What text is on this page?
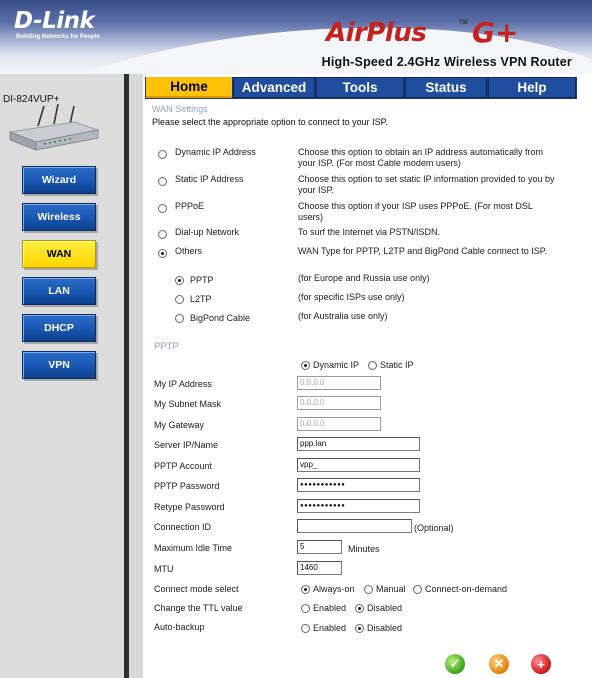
D-Link
Building Networks for People	AirPlus	TM G+
High-Speed 2.4GHz Wireless VPN Router
DI-824VUP+
Wizard
Wireless
WAN
LAN
DHCP
VPN
Home	Advanced	Tools	Status	Help
WAN Settings
Please select the appropriate option to connect to your ISP.
Dynamic IP Address	Choose this option to obtain an IP address automatically from your ISP. (For most Cable modem users)
Static IP Address	Choose this option to set static IP information provided to you by your ISP.
PPPoE	Choose this option if your ISP uses PPPoE. (For most DSL users)
Dial-up Network	To surf the Internet via PSTN/ISDN.
Others	WAN Type for PPTP, L2TP and BigPond Cable connect to ISP.
PPTP	(for Europe and Russia use only)
L2TP	(for specific ISPs use only)
BigPond Cable	(for Australia use only)
PPTP
Dynamic IP Static IP
My IP Address	0.0.0.0
My Subnet Mask	0.0.0.0
My Gateway	0.0.0.0
Server IP/Name	ppp.lan
PPTP Account	vpp_
PPTP Password	●●●●●●●●●●●
Retype Password	●●●●●●●●●●●
Connection ID	(Optional)
Maximum Idle Time	5	Minutes
MTU	1460
Connect mode select	Always-on Manual Connect-on-demand
Change the TTL value	Enabled Disabled
Auto-backup	Enabled Disabled
✓	✕	+
